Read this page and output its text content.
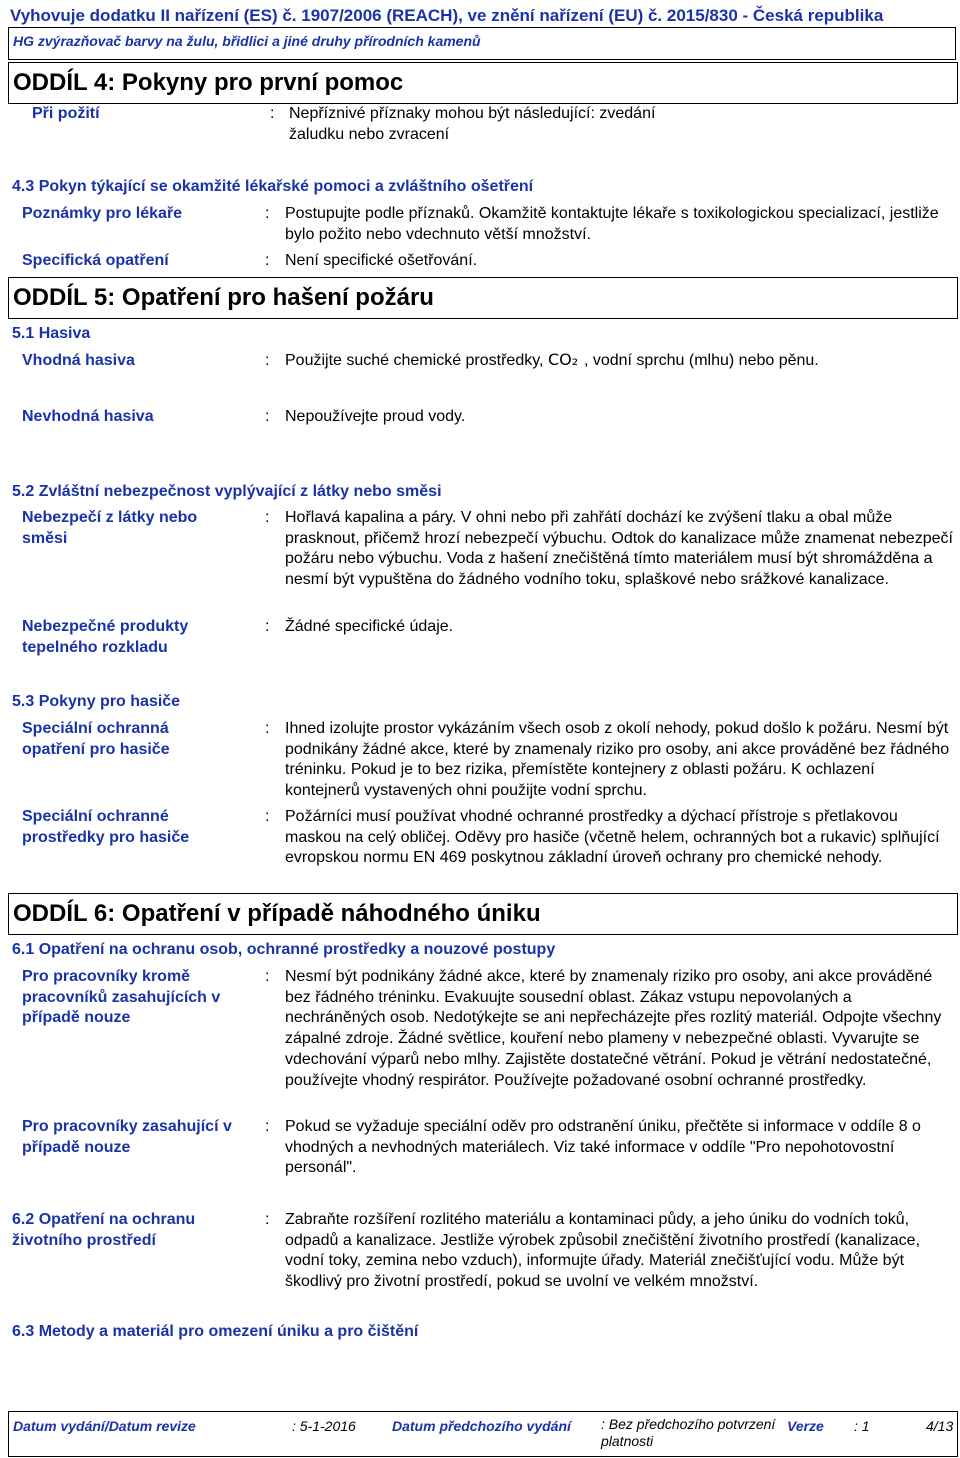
Vyhovuje dodatku II nařízení (ES) č. 1907/2006 (REACH), ve znění nařízení (EU) č. 2015/830 - Česká republika
HG zvýrazňovač barvy na žulu, břidlici a jiné druhy přírodních kamenů
ODDÍL 4: Pokyny pro první pomoc
Při požití	: Nepříznivé příznaky mohou být následující: zvedání žaludku nebo zvracení
4.3 Pokyn týkající se okamžité lékařské pomoci a zvláštního ošetření
Poznámky pro lékaře	: Postupujte podle příznaků. Okamžitě kontaktujte lékaře s toxikologickou specializací, jestliže bylo požito nebo vdechnuto větší množství.
Specifická opatření	: Není specifické ošetřování.
ODDÍL 5: Opatření pro hašení požáru
5.1 Hasiva
Vhodná hasiva	: Použijte suché chemické prostředky, CO₂ , vodní sprchu (mlhu) nebo pěnu.
Nevhodná hasiva	: Nepoužívejte proud vody.
5.2 Zvláštní nebezpečnost vyplývající z látky nebo směsi
Nebezpečí z látky nebo směsi
: Hořlavá kapalina a páry. V ohni nebo při zahřátí dochází ke zvýšení tlaku a obal může prasknout, přičemž hrozí nebezpečí výbuchu. Odtok do kanalizace může znamenat nebezpečí požáru nebo výbuchu. Voda z hašení znečištěná tímto materiálem musí být shromážděna a nesmí být vypuštěna do žádného vodního toku, splaškové nebo srážkové kanalizace.
Nebezpečné produkty tepelného rozkladu
: Žádné specifické údaje.
5.3 Pokyny pro hasiče
Speciální ochranná opatření pro hasiče
: Ihned izolujte prostor vykázáním všech osob z okolí nehody, pokud došlo k požáru. Nesmí být podnikány žádné akce, které by znamenaly riziko pro osoby, ani akce prováděné bez řádného tréninku. Pokud je to bez rizika, přemístěte kontejnery z oblasti požáru. K ochlazení kontejnerů vystavených ohni použijte vodní sprchu.
Speciální ochranné prostředky pro hasiče
: Požárníci musí používat vhodné ochranné prostředky a dýchací přístroje s přetlakovou maskou na celý obličej. Oděvy pro hasiče (včetně helem, ochranných bot a rukavic) splňující evropskou normu EN 469 poskytnou základní úroveň ochrany pro chemické nehody.
ODDÍL 6: Opatření v případě náhodného úniku
6.1 Opatření na ochranu osob, ochranné prostředky a nouzové postupy
Pro pracovníky kromě pracovníků zasahujících v případě nouze
: Nesmí být podnikány žádné akce, které by znamenaly riziko pro osoby, ani akce prováděné bez řádného tréninku. Evakuujte sousední oblast. Zákaz vstupu nepovolaných a nechráněných osob. Nedotýkejte se ani nepřecházejte přes rozlitý materiál. Odpojte všechny zápalné zdroje. Žádné světlice, kouření nebo plameny v nebezpečné oblasti. Vyvarujte se vdechování výparů nebo mlhy. Zajistěte dostatečné větrání. Pokud je větrání nedostatečné, používejte vhodný respirátor. Používejte požadované osobní ochranné prostředky.
Pro pracovníky zasahující v případě nouze
: Pokud se vyžaduje speciální oděv pro odstranění úniku, přečtěte si informace v oddíle 8 o vhodných a nevhodných materiálech. Viz také informace v oddíle "Pro nepohotovostní personál".
6.2 Opatření na ochranu životního prostředí
: Zabraňte rozšíření rozlitého materiálu a kontaminaci půdy, a jeho úniku do vodních toků, odpadů a kanalizace. Jestliže výrobek způsobil znečištění životního prostředí (kanalizace, vodní toky, zemina nebo vzduch), informujte úřady. Materiál znečišťující vodu. Může být škodlivý pro životní prostředí, pokud se uvolní ve velkém množství.
6.3 Metody a materiál pro omezení úniku a pro čištění
Datum vydání/Datum revize	: 5-1-2016	Datum předchozího vydání : Bez předchozího potvrzení platnosti
Verze : 1	4/13
